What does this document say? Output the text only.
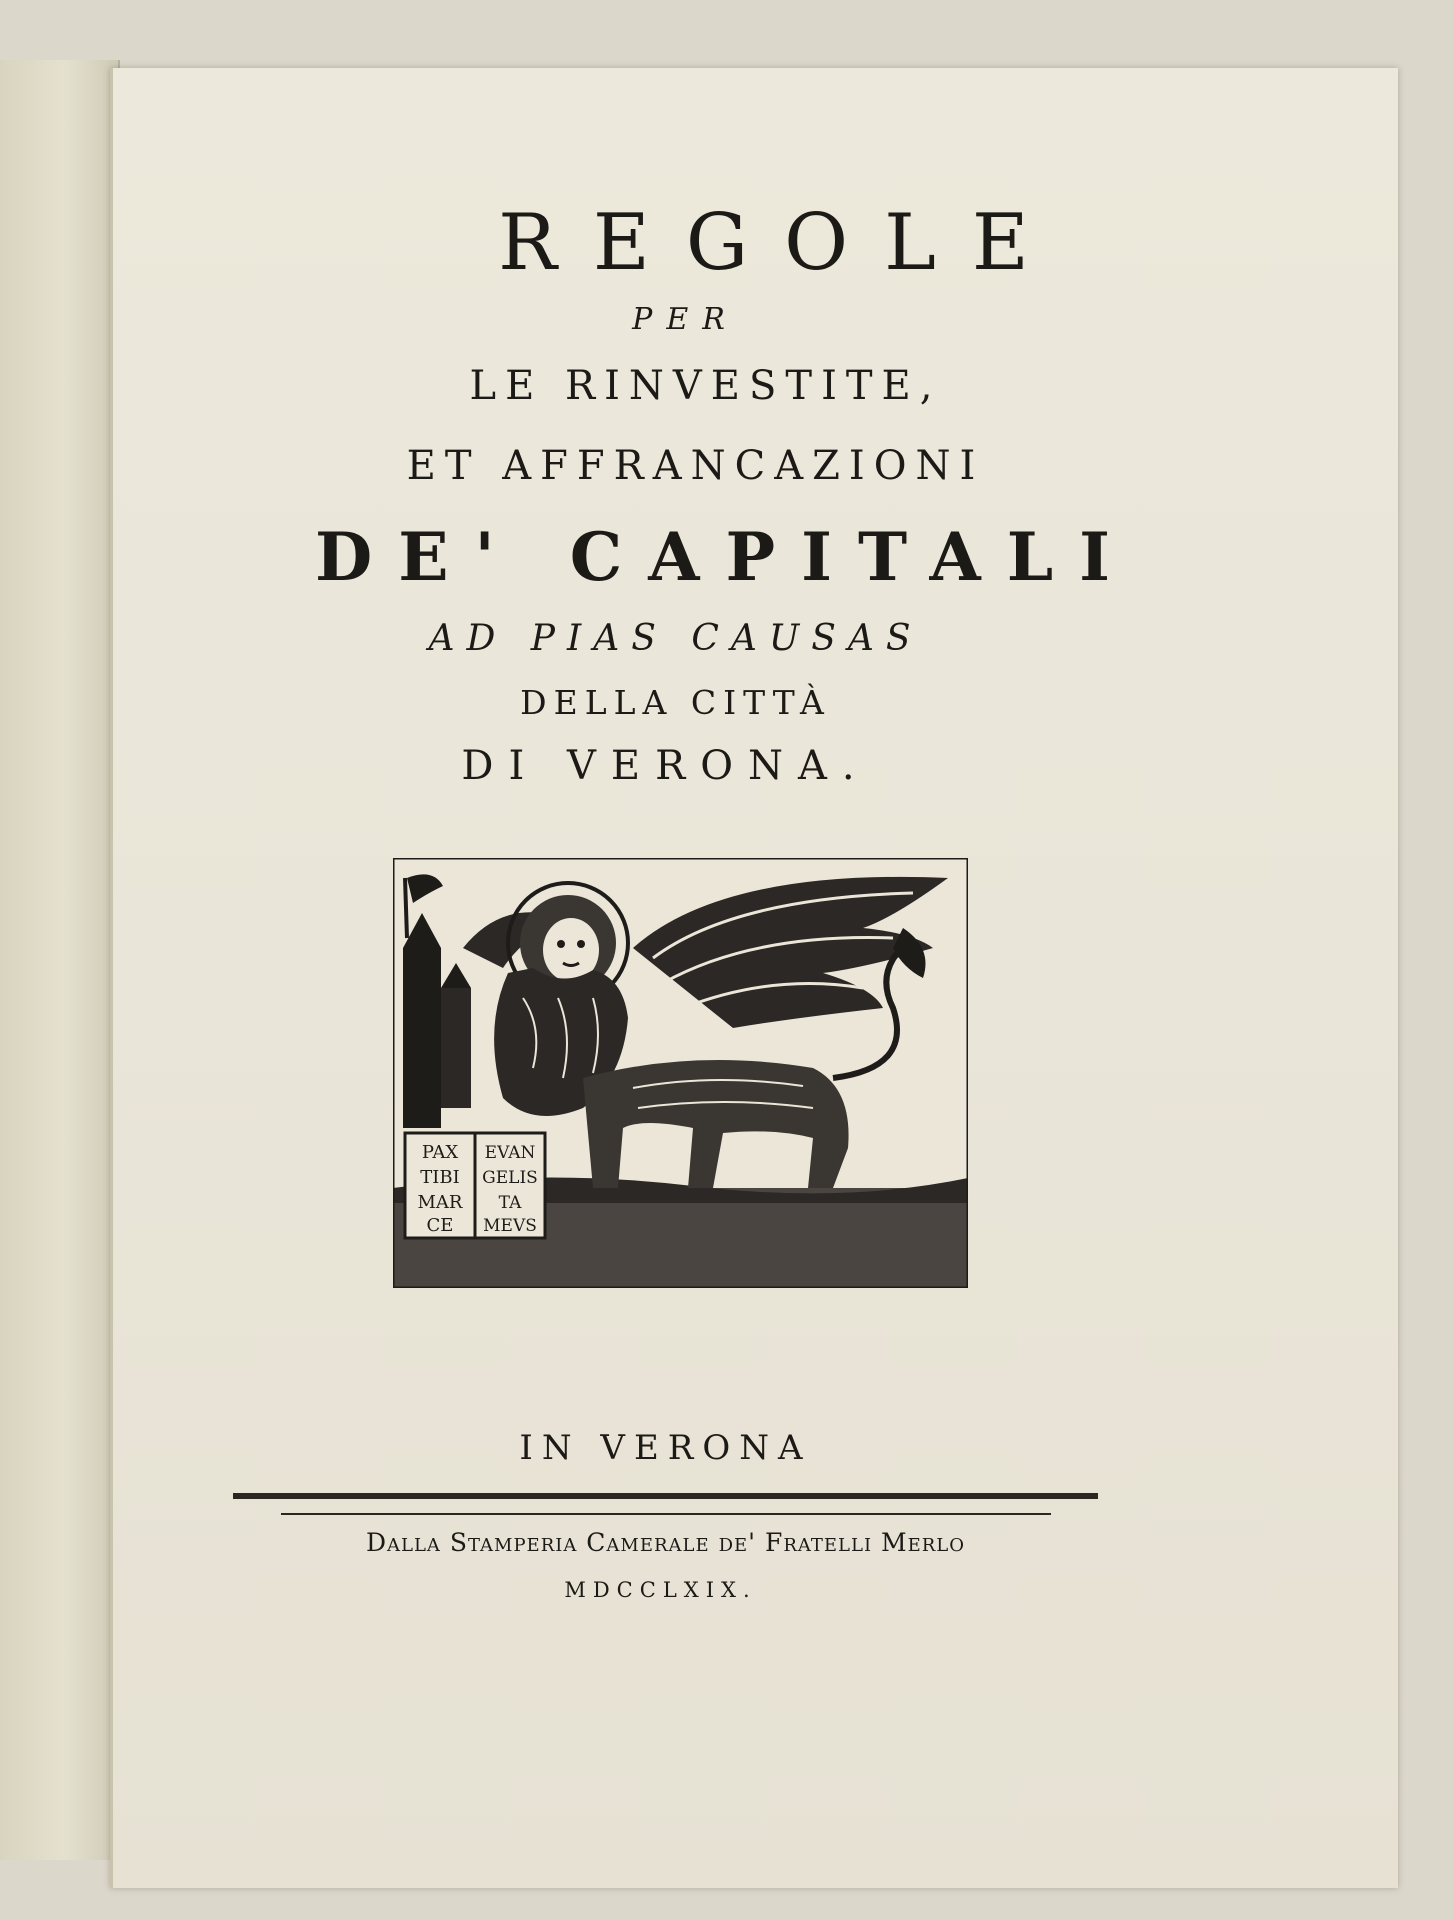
REGOLE
PER
LE RINVESTITE,
ET AFFRANCAZIONI
DE' CAPITALI
AD PIAS CAUSAS
DELLA CITTÀ
DI VERONA.
PAX
TIBI
MAR
CE
EVAN
GELIS
TA
MEVS
IN VERONA
Dalla Stamperia Camerale de' Fratelli Merlo
MDCCLXIX.
